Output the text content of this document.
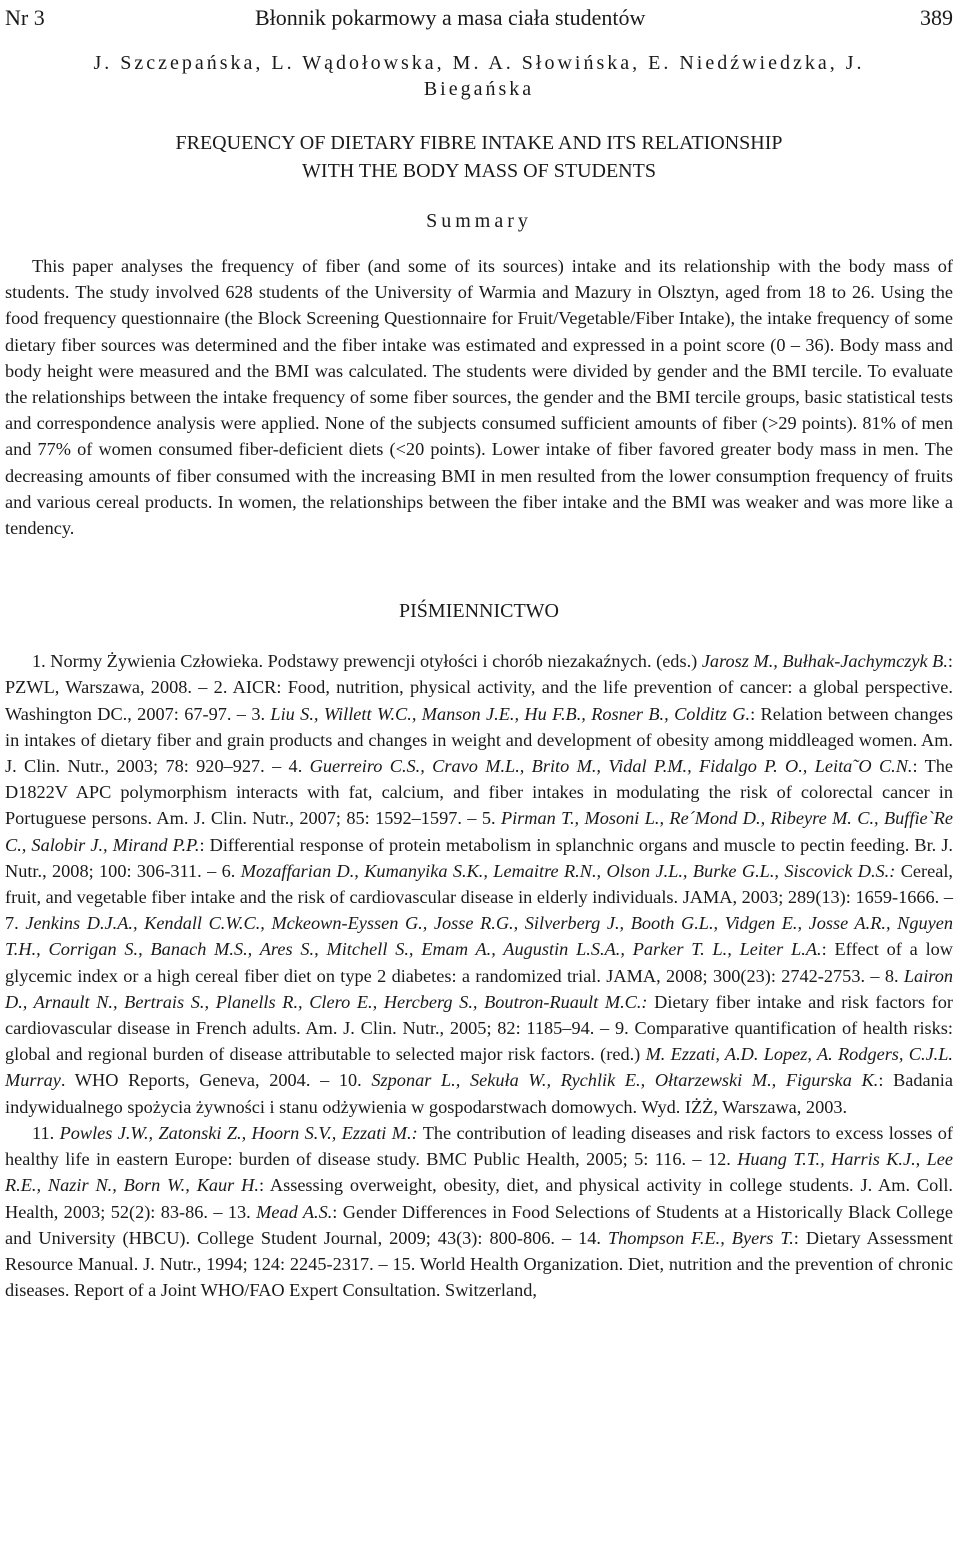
Nr 3	Błonnik pokarmowy a masa ciała studentów	389
J. Szczepańska, L. Wądołowska, M. A. Słowińska, E. Niedźwiedzka, J. Biegańska
FREQUENCY OF DIETARY FIBRE INTAKE AND ITS RELATIONSHIP
WITH THE BODY MASS OF STUDENTS
Summary

This paper analyses the frequency of fiber (and some of its sources) intake and its relationship with the body mass of students. The study involved 628 students of the University of Warmia and Mazury in Olsztyn, aged from 18 to 26. Using the food frequency questionnaire (the Block Screening Questionnaire for Fruit/Vegetable/Fiber Intake), the intake frequency of some dietary fiber sources was determined and the fiber intake was estimated and expressed in a point score (0 – 36). Body mass and body height were measured and the BMI was calculated. The students were divided by gender and the BMI tercile. To evaluate the relationships between the intake frequency of some fiber sources, the gender and the BMI tercile groups, basic statistical tests and correspondence analysis were applied. None of the subjects consumed sufficient amounts of fiber (>29 points). 81% of men and 77% of women consumed fiber-deficient diets (<20 points). Lower intake of fiber favored greater body mass in men. The decreasing amounts of fiber consumed with the increasing BMI in men resulted from the lower consumption frequency of fruits and various cereal products. In women, the relationships between the fiber intake and the BMI was weaker and was more like a tendency.

PIŚMIENNICTWO

1. Normy Żywienia Człowieka. Podstawy prewencji otyłości i chorób niezakaźnych. (eds.) Jarosz M., Bułhak-Jachymczyk B.: PZWL, Warszawa, 2008. – 2. AICR: Food, nutrition, physical activity, and the life prevention of cancer: a global perspective. Washington DC., 2007: 67-97. – 3. Liu S., Willett W.C., Manson J.E., Hu F.B., Rosner B., Colditz G.: Relation between changes in intakes of dietary fiber and grain products and changes in weight and development of obesity among middleaged women. Am. J. Clin. Nutr., 2003; 78: 920–927. – 4. Guerreiro C.S., Cravo M.L., Brito M., Vidal P.M., Fidalgo P. O., Leita˜O C.N.: The D1822V APC polymorphism interacts with fat, calcium, and fiber intakes in modulating the risk of colorectal cancer in Portuguese persons. Am. J. Clin. Nutr., 2007; 85: 1592–1597. – 5. Pirman T., Mosoni L., Re´Mond D., Ribeyre M. C., Buffie`Re C., Salobir J., Mirand P.P.: Differential response of protein metabolism in splanchnic organs and muscle to pectin feeding. Br. J. Nutr., 2008; 100: 306-311. – 6. Mozaffarian D., Kumanyika S.K., Lemaitre R.N., Olson J.L., Burke G.L., Siscovick D.S.: Cereal, fruit, and vegetable fiber intake and the risk of cardiovascular disease in elderly individuals. JAMA, 2003; 289(13): 1659-1666. – 7. Jenkins D.J.A., Kendall C.W.C., Mckeown-Eyssen G., Josse R.G., Silverberg J., Booth G.L., Vidgen E., Josse A.R., Nguyen T.H., Corrigan S., Banach M.S., Ares S., Mitchell S., Emam A., Augustin L.S.A., Parker T. L., Leiter L.A.: Effect of a low glycemic index or a high cereal fiber diet on type 2 diabetes: a randomized trial. JAMA, 2008; 300(23): 2742-2753. – 8. Lairon D., Arnault N., Bertrais S., Planells R., Clero E., Hercberg S., Boutron-Ruault M.C.: Dietary fiber intake and risk factors for cardiovascular disease in French adults. Am. J. Clin. Nutr., 2005; 82: 1185–94. – 9. Comparative quantification of health risks: global and regional burden of disease attributable to selected major risk factors. (red.) M. Ezzati, A.D. Lopez, A. Rodgers, C.J.L. Murray. WHO Reports, Geneva, 2004. – 10. Szponar L., Sekuła W., Rychlik E., Ołtarzewski M., Figurska K.: Badania indywidualnego spożycia żywności i stanu odżywienia w gospodarstwach domowych. Wyd. IŻŻ, Warszawa, 2003.

11. Powles J.W., Zatonski Z., Hoorn S.V., Ezzati M.: The contribution of leading diseases and risk factors to excess losses of healthy life in eastern Europe: burden of disease study. BMC Public Health, 2005; 5: 116. – 12. Huang T.T., Harris K.J., Lee R.E., Nazir N., Born W., Kaur H.: Assessing overweight, obesity, diet, and physical activity in college students. J. Am. Coll. Health, 2003; 52(2): 83-86. – 13. Mead A.S.: Gender Differences in Food Selections of Students at a Historically Black College and University (HBCU). College Student Journal, 2009; 43(3): 800-806. – 14. Thompson F.E., Byers T.: Dietary Assessment Resource Manual. J. Nutr., 1994; 124: 2245-2317. – 15. World Health Organization. Diet, nutrition and the prevention of chronic diseases. Report of a Joint WHO/FAO Expert Consultation. Switzerland,
